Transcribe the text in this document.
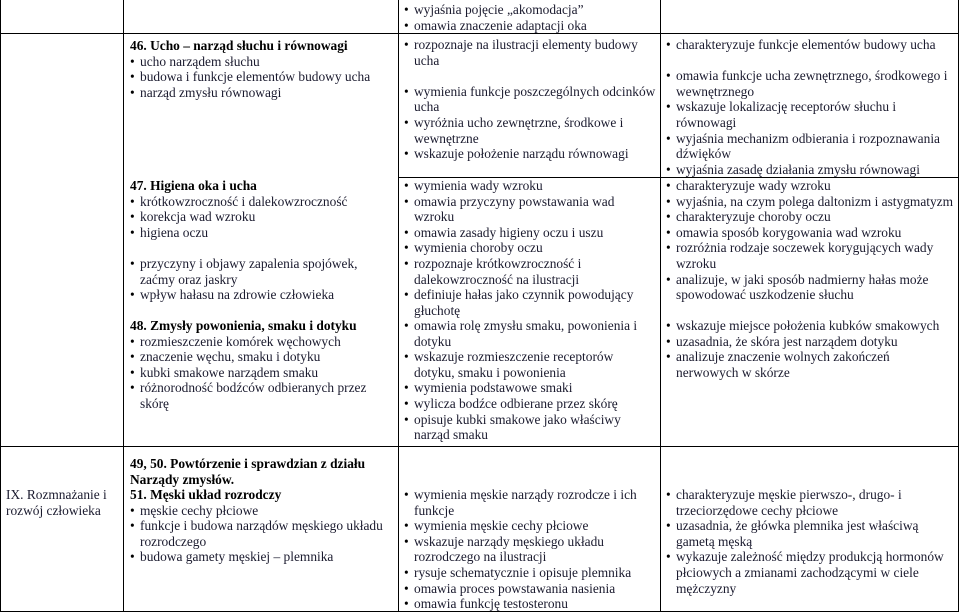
46. Ucho – narząd słuchu i równowagi
• ucho narządem słuchu
• budowa i funkcje elementów budowy ucha
• narząd zmysłu równowagi
47. Higiena oka i ucha
• krótkowzroczność i dalekowzroczność
• korekcja wad wzroku
• higiena oczu
• przyczyny i objawy zapalenia spojówek, zaćmy oraz jaskry
• wpływ hałasu na zdrowie człowieka
48. Zmysły powonienia, smaku i dotyku
• rozmieszczenie komórek węchowych
• znaczenie węchu, smaku i dotyku
• kubki smakowe narządem smaku
• różnorodność bodźców odbieranych przez skórę
49, 50. Powtórzenie i sprawdzian z działu Narządy zmysłów.
51. Męski układ rozrodczy
• męskie cechy płciowe
• funkcje i budowa narządów męskiego układu rozrodczego
• budowa gamety męskiej – plemnika
IX. Rozmnażanie i rozwój człowieka
• wyjaśnia pojęcie „akomodacja”
• omawia znaczenie adaptacji oka
• rozpoznaje na ilustracji elementy budowy ucha
• wymienia funkcje poszczególnych odcinków ucha
• wyróżnia ucho zewnętrzne, środkowe i wewnętrzne
• wskazuje położenie narządu równowagi
• wymienia wady wzroku
• omawia przyczyny powstawania wad wzroku
• omawia zasady higieny oczu i uszu
• wymienia choroby oczu
• rozpoznaje krótkowzroczność i dalekowzroczność na ilustracji
• definiuje hałas jako czynnik powodujący głuchotę
• omawia rolę zmysłu smaku, powonienia i dotyku
• wskazuje rozmieszczenie receptorów dotyku, smaku i powonienia
• wymienia podstawowe smaki
• wylicza bodźce odbierane przez skórę
• opisuje kubki smakowe jako właściwy narząd smaku
• wymienia męskie narządy rozrodcze i ich funkcje
• wymienia męskie cechy płciowe
• wskazuje narządy męskiego układu rozrodczego na ilustracji
• rysuje schematycznie i opisuje plemnika
• omawia proces powstawania nasienia
• omawia funkcję testosteronu
• charakteryzuje funkcje elementów budowy ucha
• omawia funkcje ucha zewnętrznego, środkowego i wewnętrznego
• wskazuje lokalizację receptorów słuchu i równowagi
• wyjaśnia mechanizm odbierania i rozpoznawania dźwięków
• wyjaśnia zasadę działania zmysłu równowagi
• charakteryzuje wady wzroku
• wyjaśnia, na czym polega daltonizm i astygmatyzm
• charakteryzuje choroby oczu
• omawia sposób korygowania wad wzroku
• rozróżnia rodzaje soczewek korygujących wady wzroku
• analizuje, w jaki sposób nadmierny hałas może spowodować uszkodzenie słuchu
• wskazuje miejsce położenia kubków smakowych
• uzasadnia, że skóra jest narządem dotyku
• analizuje znaczenie wolnych zakończeń nerwowych w skórze
• charakteryzuje męskie pierwszo-, drugo- i trzeciorzędowe cechy płciowe
• uzasadnia, że główka plemnika jest właściwą gametą męską
• wykazuje zależność między produkcją hormonów płciowych a zmianami zachodzącymi w ciele mężczyzny
